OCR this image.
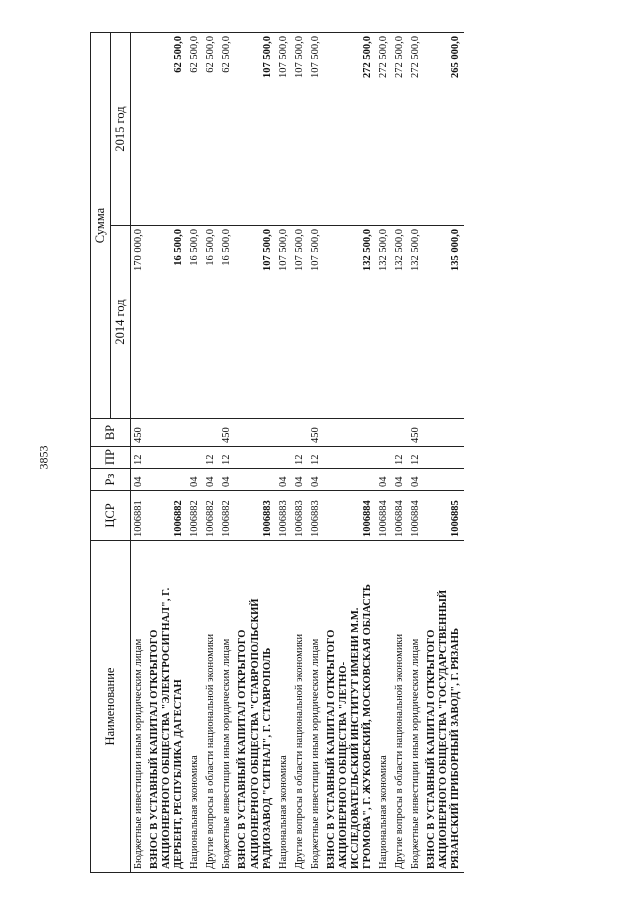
3853
Наименование	ЦСР	Рз	ПР	ВР	Сумма	
					2014 год	2015 год
Бюджетные инвестиции иным юридическим лицам	1006881	04	12	450	170 000,0	
ВЗНОС В УСТАВНЫЙ КАПИТАЛ ОТКРЫТОГО АКЦИОНЕРНОГО ОБЩЕСТВА "ЭЛЕКТРОСИГНАЛ", Г. ДЕРБЕНТ, РЕСПУБЛИКА ДАГЕСТАН	1006882				16 500,0	62 500,0
Национальная экономика	1006882	04			16 500,0	62 500,0
Другие вопросы в области национальной экономики	1006882	04	12		16 500,0	62 500,0
Бюджетные инвестиции иным юридическим лицам	1006882	04	12	450	16 500,0	62 500,0
ВЗНОС В УСТАВНЫЙ КАПИТАЛ ОТКРЫТОГО АКЦИОНЕРНОГО ОБЩЕСТВА "СТАВРОПОЛЬСКИЙ РАДИОЗАВОД "СИГНАЛ", Г. СТАВРОПОЛЬ	1006883				107 500,0	107 500,0
Национальная экономика	1006883	04			107 500,0	107 500,0
Другие вопросы в области национальной экономики	1006883	04	12		107 500,0	107 500,0
Бюджетные инвестиции иным юридическим лицам	1006883	04	12	450	107 500,0	107 500,0
ВЗНОС В УСТАВНЫЙ КАПИТАЛ ОТКРЫТОГО АКЦИОНЕРНОГО ОБЩЕСТВА "ЛЕТНО-ИССЛЕДОВАТЕЛЬСКИЙ ИНСТИТУТ ИМЕНИ М.М. ГРОМОВА", Г. ЖУКОВСКИЙ, МОСКОВСКАЯ ОБЛАСТЬ	1006884				132 500,0	272 500,0
Национальная экономика	1006884	04			132 500,0	272 500,0
Другие вопросы в области национальной экономики	1006884	04	12		132 500,0	272 500,0
Бюджетные инвестиции иным юридическим лицам	1006884	04	12	450	132 500,0	272 500,0
ВЗНОС В УСТАВНЫЙ КАПИТАЛ ОТКРЫТОГО АКЦИОНЕРНОГО ОБЩЕСТВА "ГОСУДАРСТВЕННЫЙ РЯЗАНСКИЙ ПРИБОРНЫЙ ЗАВОД", Г. РЯЗАНЬ	1006885				135 000,0	265 000,0
